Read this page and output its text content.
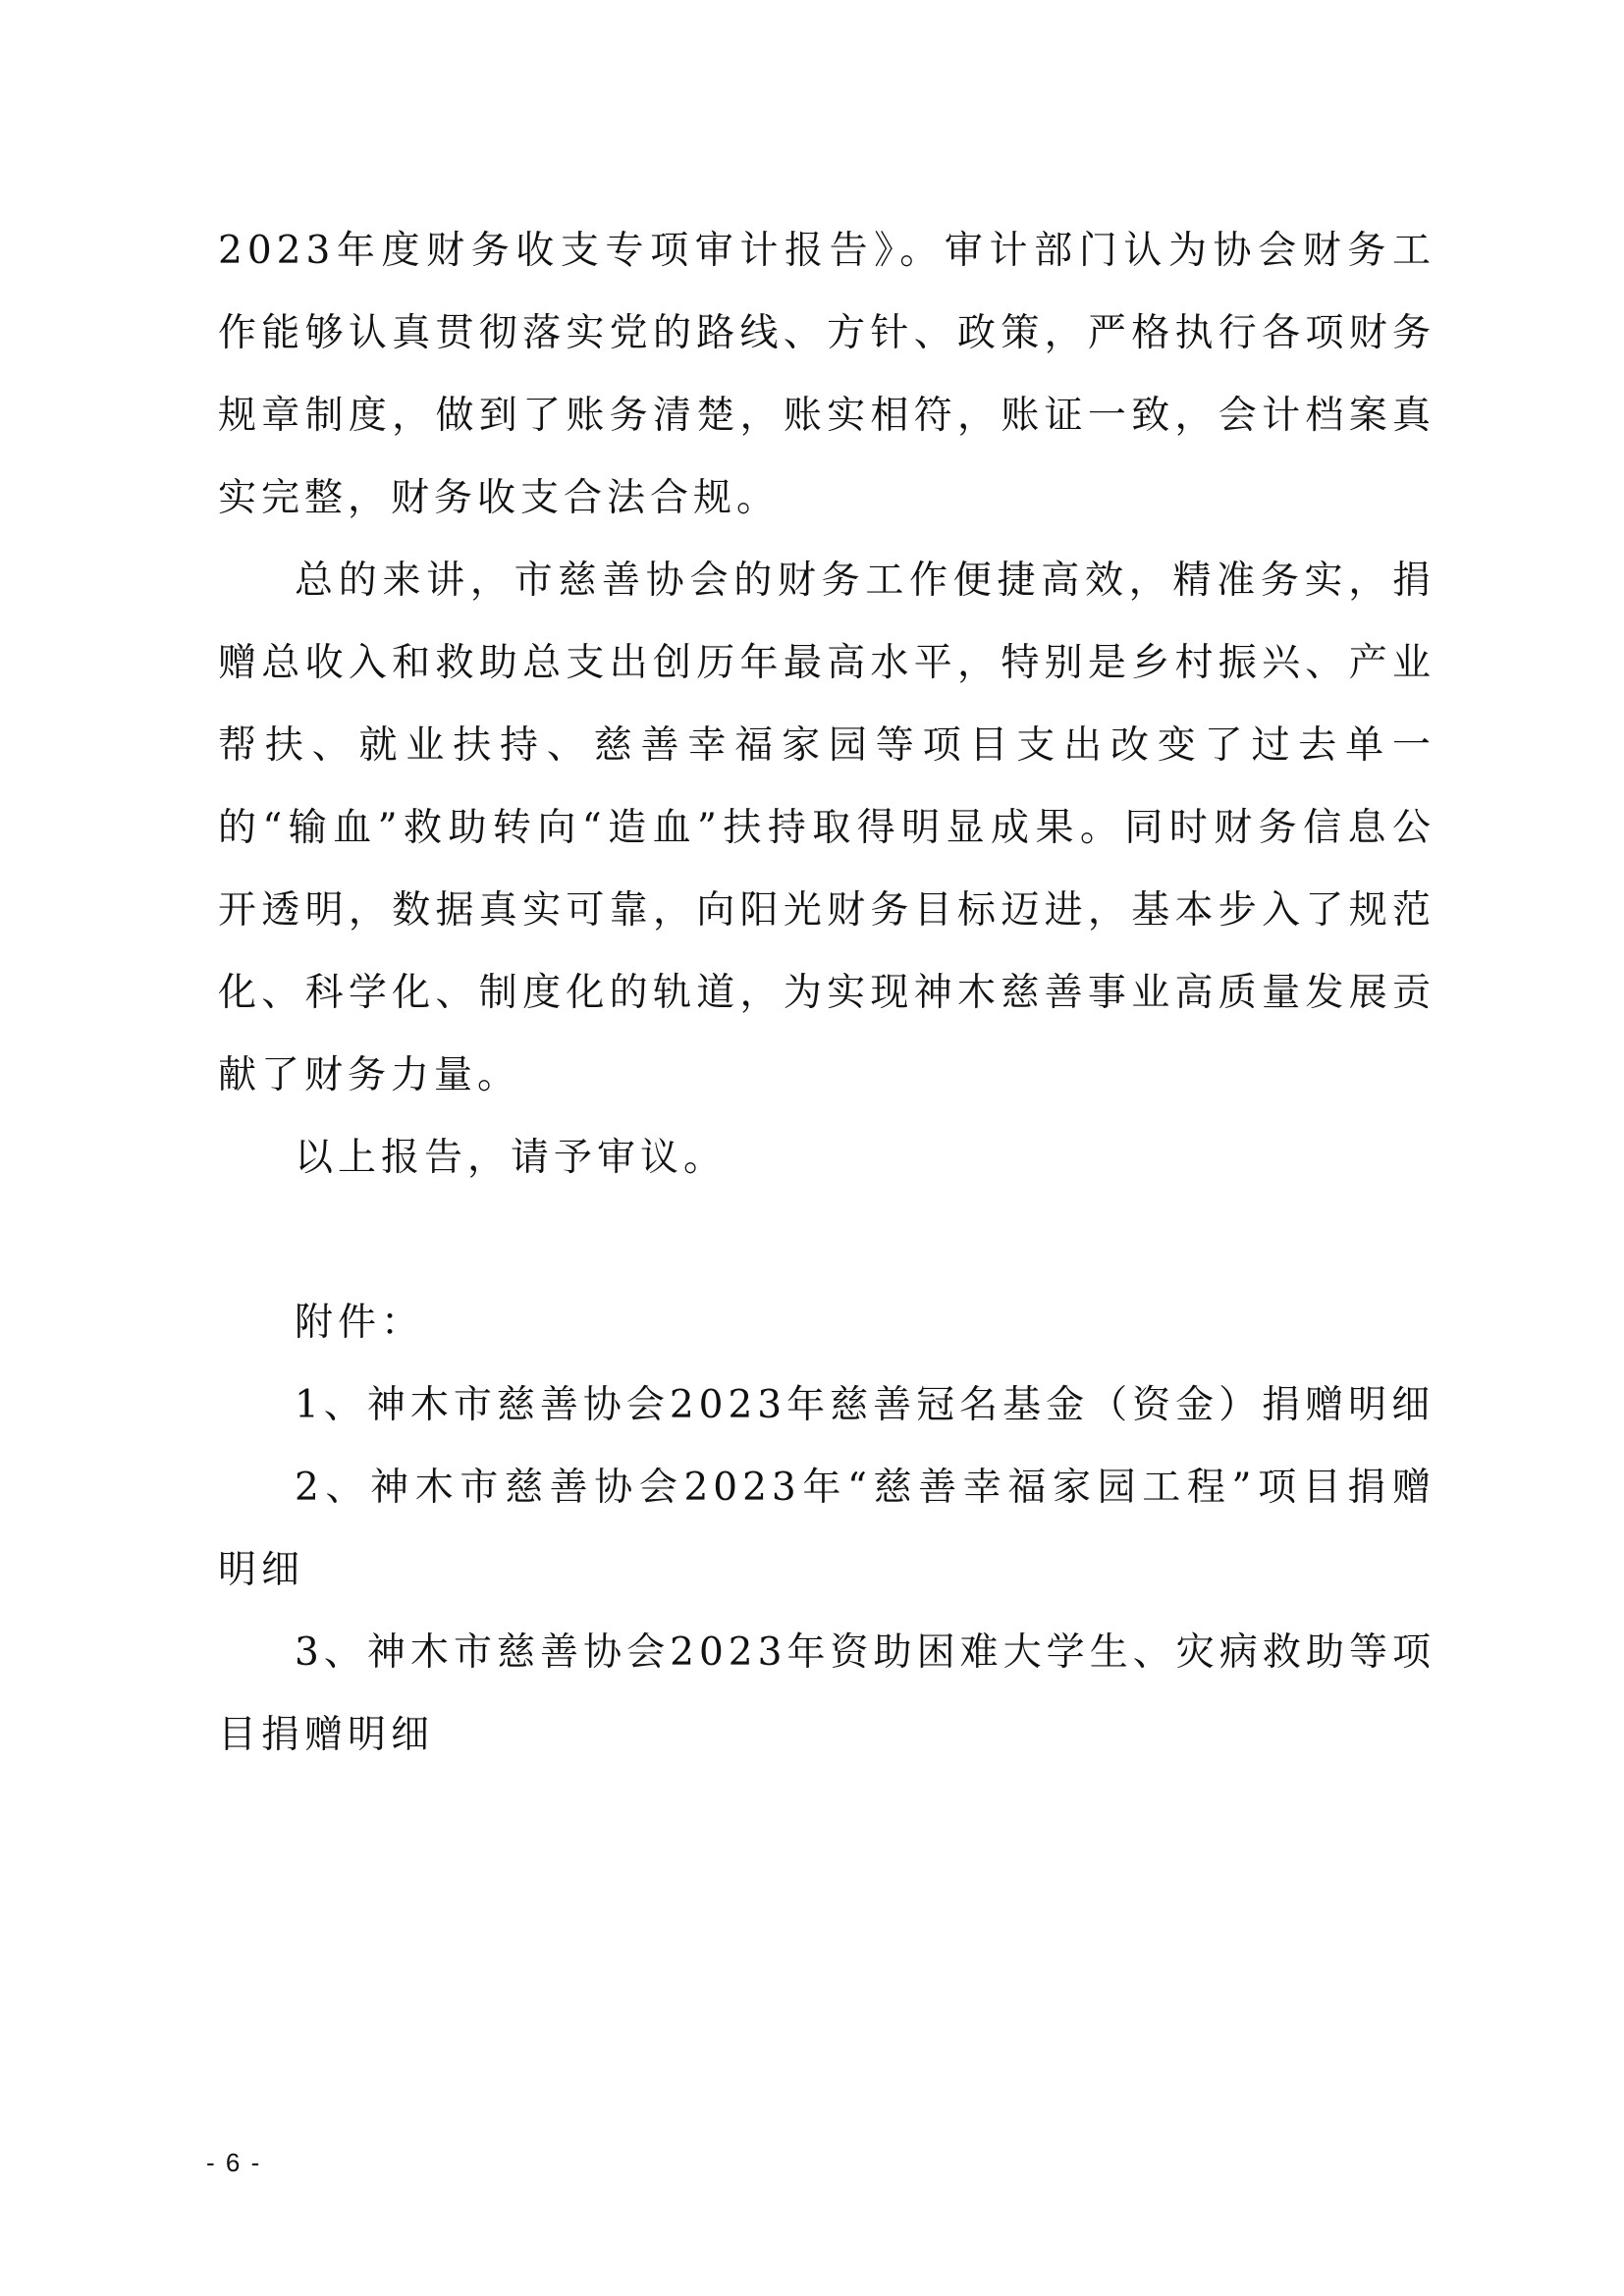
2023年度财务收支专项审计报告》。审计部门认为协会财务工作能够认真贯彻落实党的路线、方针、政策，严格执行各项财务规章制度，做到了账务清楚，账实相符，账证一致，会计档案真实完整，财务收支合法合规。

总的来讲，市慈善协会的财务工作便捷高效，精准务实，捐赠总收入和救助总支出创历年最高水平，特别是乡村振兴、产业帮扶、就业扶持、慈善幸福家园等项目支出改变了过去单一的“输血”救助转向“造血”扶持取得明显成果。同时财务信息公开透明，数据真实可靠，向阳光财务目标迈进，基本步入了规范化、科学化、制度化的轨道，为实现神木慈善事业高质量发展贡献了财务力量。

以上报告，请予审议。

附件：

1、神木市慈善协会2023年慈善冠名基金（资金）捐赠明细

2、神木市慈善协会2023年“慈善幸福家园工程”项目捐赠明细

3、神木市慈善协会2023年资助困难大学生、灾病救助等项目捐赠明细

- 6 -
